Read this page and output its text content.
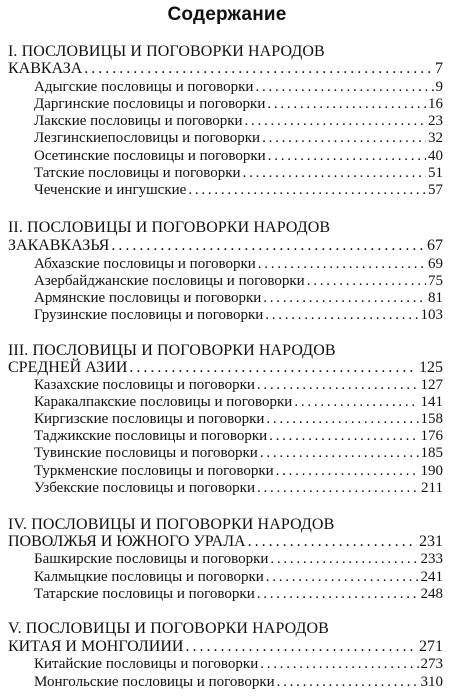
Содержание
I. ПОСЛОВИЦЫ И ПОГОВОРКИ НАРОДОВ
КАВКАЗА . . .	7
Адыгские пословицы и поговорки . . .	9
Даргинские пословицы и поговорки . . .	16
Лакские пословицы и поговорки . . .	23
Лезгинскиепословицы и поговорки . . .	32
Осетинские пословицы и поговорки . . .	40
Татские пословицы и поговорки . . .	51
Чеченские и ингушские . . .	57
II. ПОСЛОВИЦЫ И ПОГОВОРКИ НАРОДОВ
ЗАКАВКАЗЬЯ . . .	67
Абхазские пословицы и поговорки . . .	69
Азербайджанские пословицы и поговорки . . .	75
Армянские пословицы и поговорки . . .	81
Грузинские пословицы и поговорки . . .	103
III. ПОСЛОВИЦЫ И ПОГОВОРКИ НАРОДОВ
СРЕДНЕЙ АЗИИ . . .	125
Казахские пословицы и поговорки . . .	127
Каракалпакские пословицы и поговорки . . .	141
Киргизские пословицы и поговорки . . .	158
Таджикские пословицы и поговорки . . .	176
Тувинские пословицы и поговорки . . .	185
Туркменские пословицы и поговорки . . .	190
Узбекские пословицы и поговорки . . .	211
IV. ПОСЛОВИЦЫ И ПОГОВОРКИ НАРОДОВ
ПОВОЛЖЬЯ И ЮЖНОГО УРАЛА . . .	231
Башкирские пословицы и поговорки . . .	233
Калмыцкие пословицы и поговорки . . .	241
Татарские пословицы и поговорки . . .	248
V. ПОСЛОВИЦЫ И ПОГОВОРКИ НАРОДОВ
КИТАЯ И МОНГОЛИИИ . . .	271
Китайские пословицы и поговорки . . .	273
Монгольские пословицы и поговорки . . .	310
